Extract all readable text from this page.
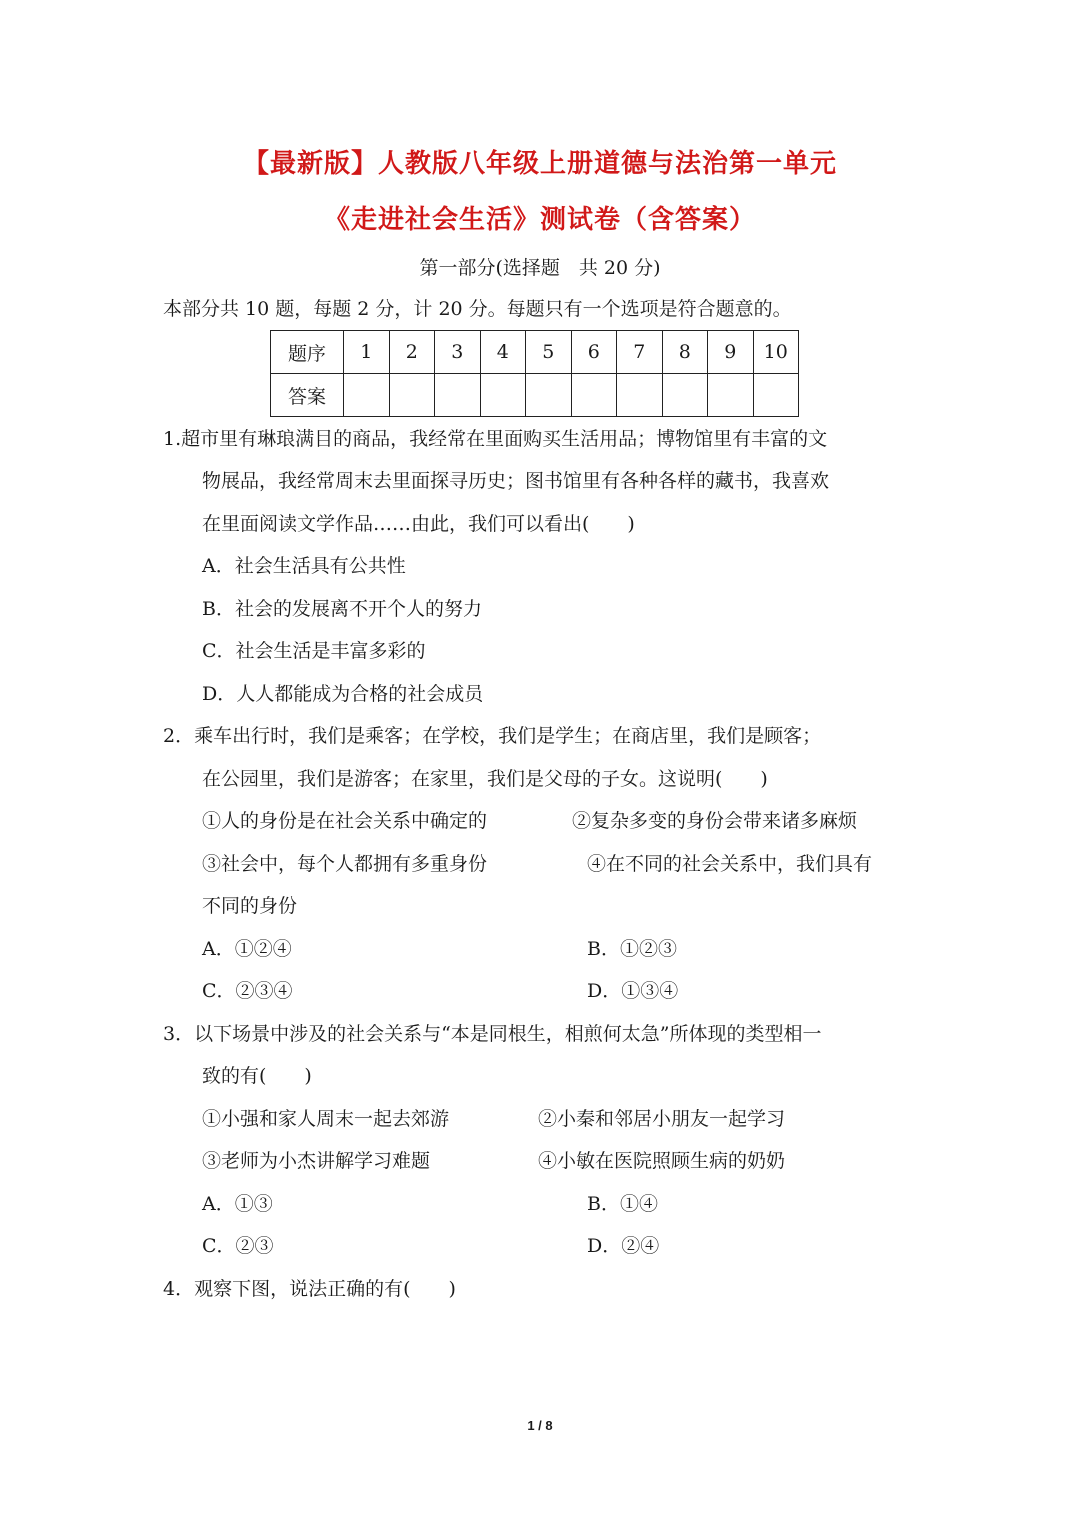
【最新版】人教版八年级上册道德与法治第一单元
《走进社会生活》测试卷（含答案）
第一部分(选择题　共 20 分)
本部分共 10 题，每题 2 分，计 20 分。每题只有一个选项是符合题意的。
题序	1	2	3	4	5	6	7	8	9	10
答案										
1.超市里有琳琅满目的商品，我经常在里面购买生活用品；博物馆里有丰富的文
物展品，我经常周末去里面探寻历史；图书馆里有各种各样的藏书，我喜欢
在里面阅读文学作品……由此，我们可以看出(　　)
A．社会生活具有公共性
B．社会的发展离不开个人的努力
C．社会生活是丰富多彩的
D．人人都能成为合格的社会成员
2．乘车出行时，我们是乘客；在学校，我们是学生；在商店里，我们是顾客；
在公园里，我们是游客；在家里，我们是父母的子女。这说明(　　)
①人的身份是在社会关系中确定的	②复杂多变的身份会带来诸多麻烦
③社会中，每个人都拥有多重身份	④在不同的社会关系中，我们具有
不同的身份
A．①②④	B．①②③
C．②③④	D．①③④
3．以下场景中涉及的社会关系与“本是同根生，相煎何太急”所体现的类型相一
致的有(　　)
①小强和家人周末一起去郊游	②小秦和邻居小朋友一起学习
③老师为小杰讲解学习难题	④小敏在医院照顾生病的奶奶
A．①③	B．①④
C．②③	D．②④
4．观察下图，说法正确的有(　　)
1 / 8
